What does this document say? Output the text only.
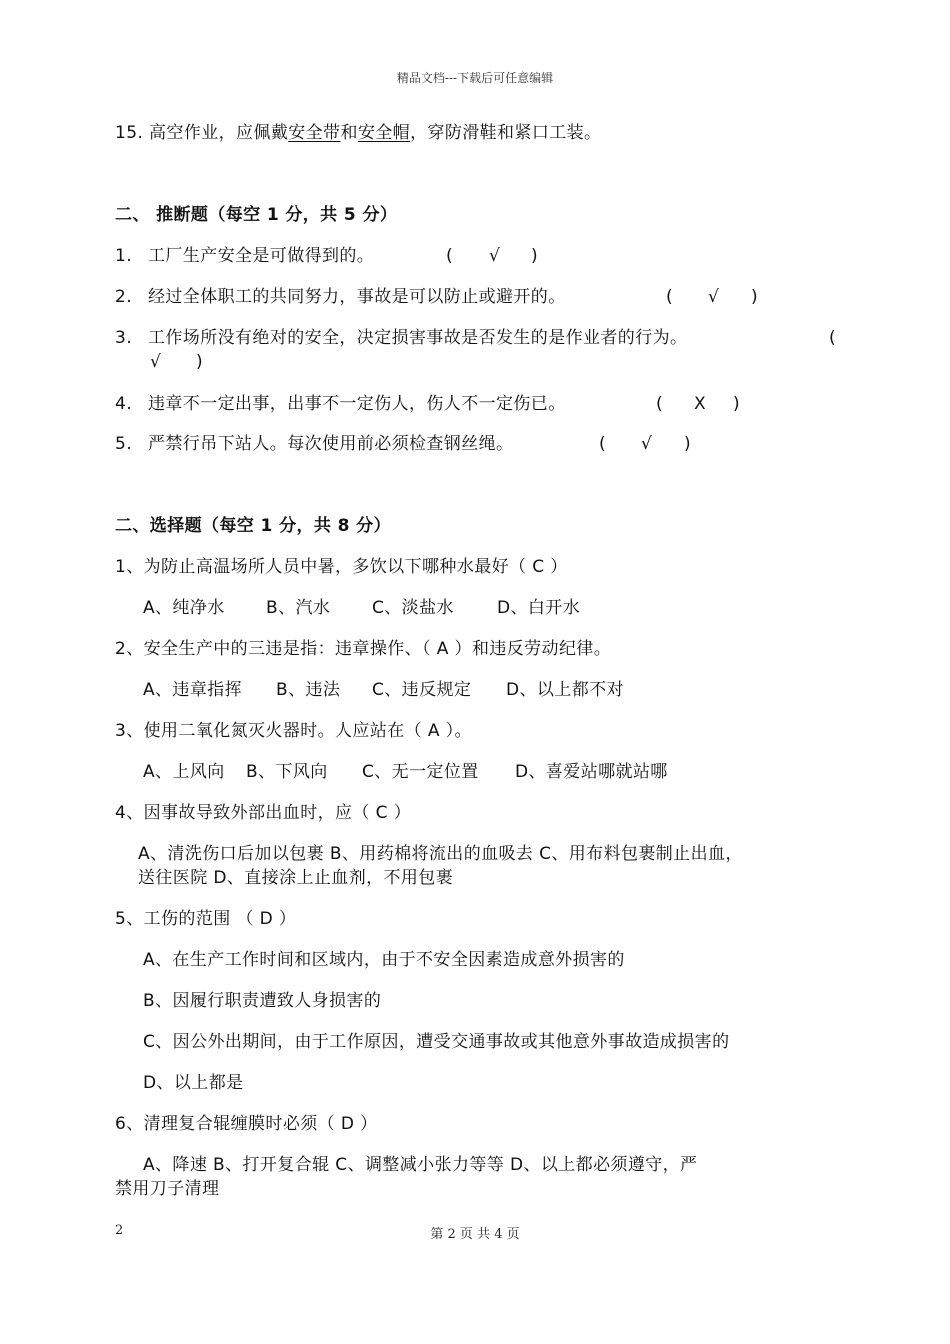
精品文档---下载后可任意编辑
15. 高空作业，应佩戴安全带和安全帽，穿防滑鞋和紧口工装。
二、 推断题（每空 1 分，共 5 分）
1. 工厂生产安全是可做得到的。	( √ )
2. 经过全体职工的共同努力，事故是可以防止或避开的。	( √ )
3. 工作场所没有绝对的安全，决定损害事故是否发生的是作业者的行为。	(
√ )
4. 违章不一定出事，出事不一定伤人，伤人不一定伤已。	( X )
5. 严禁行吊下站人。每次使用前必须检查钢丝绳。	( √ )
二、选择题（每空 1 分，共 8 分）
1、为防止高温场所人员中暑，多饮以下哪种水最好（ C ）
A、纯净水 B、汽水 C、淡盐水	D、白开水
2、安全生产中的三违是指：违章操作、（ A ）和违反劳动纪律。
A、违章指挥 B、违法 C、违反规定 D、以上都不对
3、使用二氧化氮灭火器时。人应站在（ A ）。
A、上风向 B、下风向 C、无一定位置 D、喜爱站哪就站哪
4、因事故导致外部出血时，应（ C ）
A、清洗伤口后加以包裹 B、用药棉将流出的血吸去 C、用布料包裹制止出血，
送往医院 D、直接涂上止血剂，不用包裹
5、工伤的范围 （ D ）
A、在生产工作时间和区域内，由于不安全因素造成意外损害的
B、因履行职责遭致人身损害的
C、因公外出期间，由于工作原因，遭受交通事故或其他意外事故造成损害的
D、以上都是
6、清理复合辊缠膜时必须（ D ）
A、降速 B、打开复合辊 C、调整减小张力等等 D、以上都必须遵守，严
禁用刀子清理
2	第 2 页 共 4 页
